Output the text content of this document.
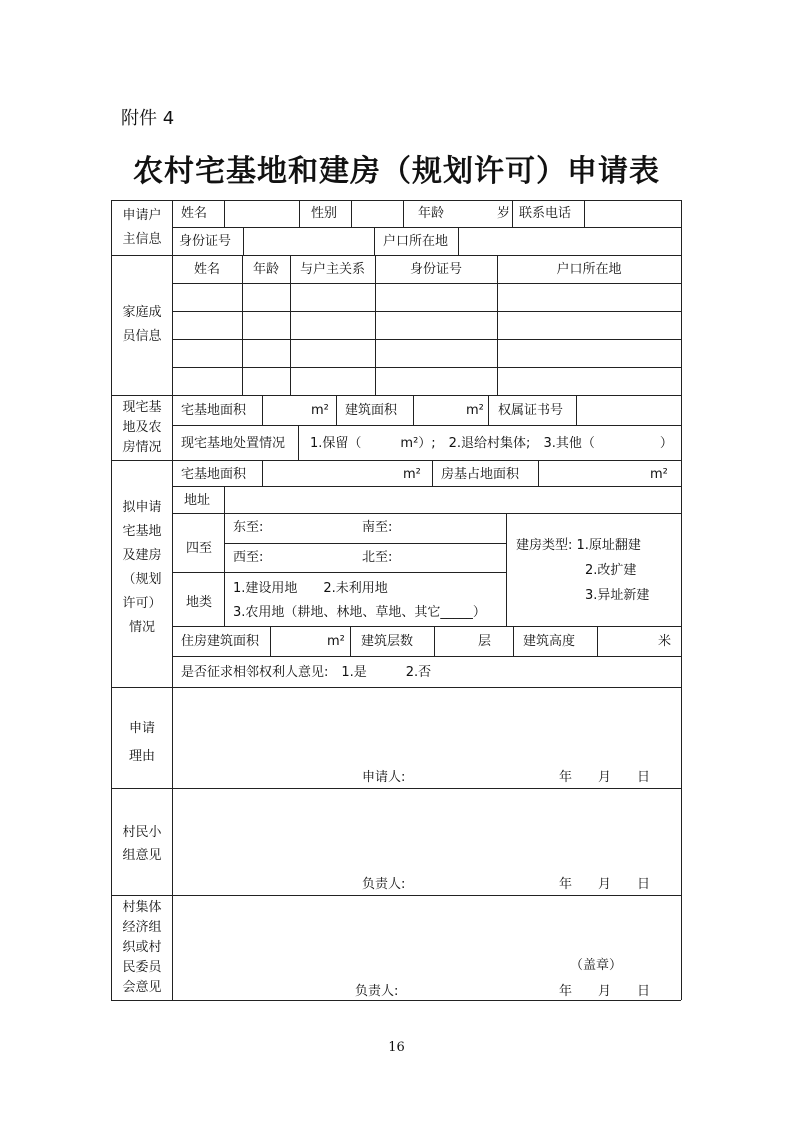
附件 4
农村宅基地和建房（规划许可）申请表
申请户
主信息
姓名	性别	年龄	岁 联系电话
身份证号	户口所在地
家庭成
员信息
姓名	年龄	与户主关系	身份证号	户口所在地
现宅基
地及农
房情况
宅基地面积	m² 建筑面积	m² 权属证书号
现宅基地处置情况 1.保留（　　　m²）;　2.退给村集体;　3.其他（　　　　　）
拟申请
宅基地
及建房
（规划
许可）
情况
宅基地面积	m² 房基占地面积	m²
地址
四至
东至:	南至:
西至:	北至:
建房类型: 1.原址翻建
2.改扩建
3.异址新建
地类
1.建设用地　　2.未利用地
3.农用地（耕地、林地、草地、其它_____）
住房建筑面积	m² 建筑层数	层 建筑高度	米
是否征求相邻权利人意见:　1.是　　　2.否
申请
理由
申请人:	年　　月　　日
村民小
组意见
负责人:	年　　月　　日
村集体
经济组
织或村
民委员
会意见
（盖章）
负责人:	年　　月　　日
16
